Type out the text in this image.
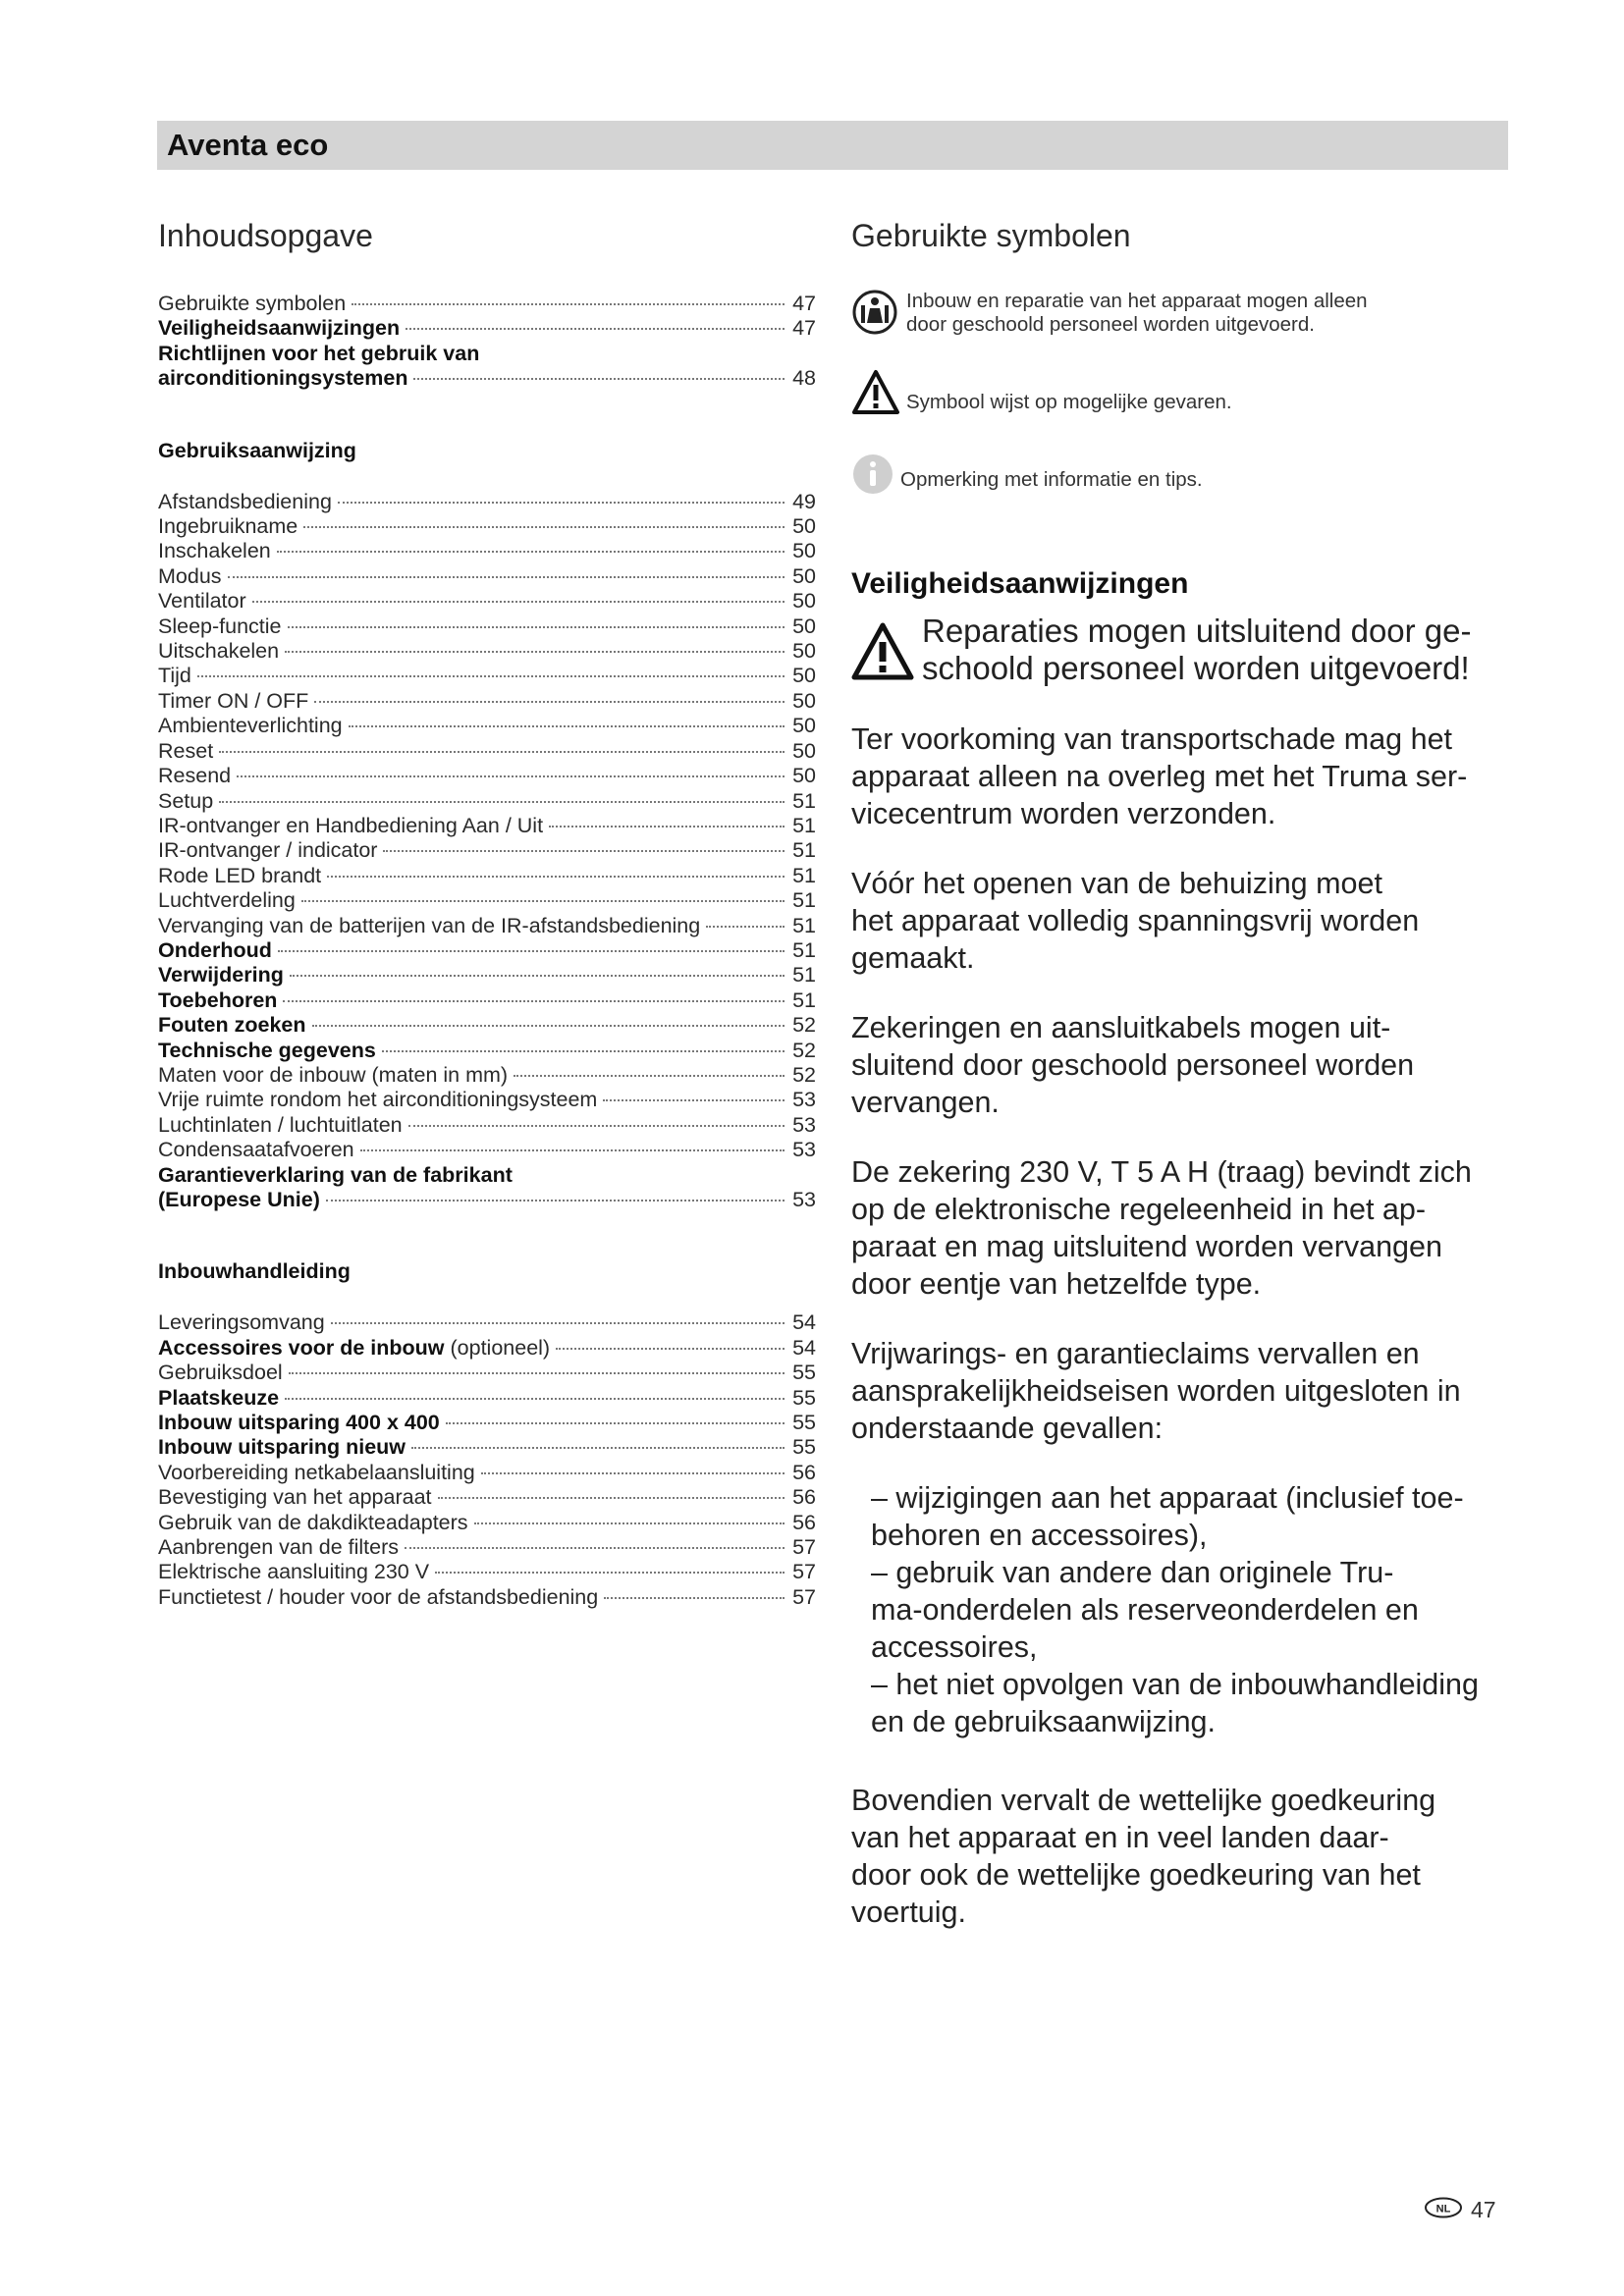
Aventa eco
Inhoudsopgave
Gebruikte symbolen	47
Veiligheidsaanwijzingen	47
Richtlijnen voor het gebruik van
airconditioningsystemen	48
Gebruiksaanwijzing
Afstandsbediening	49
Ingebruikname	50
Inschakelen	50
Modus	50
Ventilator	50
Sleep-functie	50
Uitschakelen	50
Tijd	50
Timer ON / OFF	50
Ambienteverlichting	50
Reset	50
Resend	50
Setup	51
IR-ontvanger en Handbediening Aan / Uit	51
IR-ontvanger / indicator	51
Rode LED brandt	51
Luchtverdeling	51
Vervanging van de batterijen van de IR-afstandsbediening	51
Onderhoud	51
Verwijdering	51
Toebehoren	51
Fouten zoeken	52
Technische gegevens	52
Maten voor de inbouw (maten in mm)	52
Vrije ruimte rondom het airconditioningsysteem	53
Luchtinlaten / luchtuitlaten	53
Condensaatafvoeren	53
Garantieverklaring van de fabrikant
(Europese Unie)	53
Inbouwhandleiding
Leveringsomvang	54
Accessoires voor de inbouw (optioneel)	54
Gebruiksdoel	55
Plaatskeuze	55
Inbouw uitsparing 400 x 400	55
Inbouw uitsparing nieuw	55
Voorbereiding netkabelaansluiting	56
Bevestiging van het apparaat	56
Gebruik van de dakdikteadapters	56
Aanbrengen van de filters	57
Elektrische aansluiting 230 V	57
Functietest / houder voor de afstandsbediening	57
Gebruikte symbolen
Inbouw en reparatie van het apparaat mogen alleen
door geschoold personeel worden uitgevoerd.
Symbool wijst op mogelijke gevaren.
Opmerking met informatie en tips.
Veiligheidsaanwijzingen
Reparaties mogen uitsluitend door ge-
schoold personeel worden uitgevoerd!
Ter voorkoming van transportschade mag het
apparaat alleen na overleg met het Truma ser-
vicecentrum worden verzonden.
Vóór het openen van de behuizing moet
het apparaat volledig spanningsvrij worden
gemaakt.
Zekeringen en aansluitkabels mogen uit-
sluitend door geschoold personeel worden
vervangen.
De zekering 230 V, T 5 A H (traag) bevindt zich
op de elektronische regeleenheid in het ap-
paraat en mag uitsluitend worden vervangen
door eentje van hetzelfde type.
Vrijwarings- en garantieclaims vervallen en
aansprakelijkheidseisen worden uitgesloten in
onderstaande gevallen:
– wijzigingen aan het apparaat (inclusief toe-
behoren en accessoires),
– gebruik van andere dan originele Tru-
ma-onderdelen als reserveonderdelen en
accessoires,
– het niet opvolgen van de inbouwhandleiding
en de gebruiksaanwijzing.
Bovendien vervalt de wettelijke goedkeuring
van het apparaat en in veel landen daar-
door ook de wettelijke goedkeuring van het
voertuig.
NL 47
